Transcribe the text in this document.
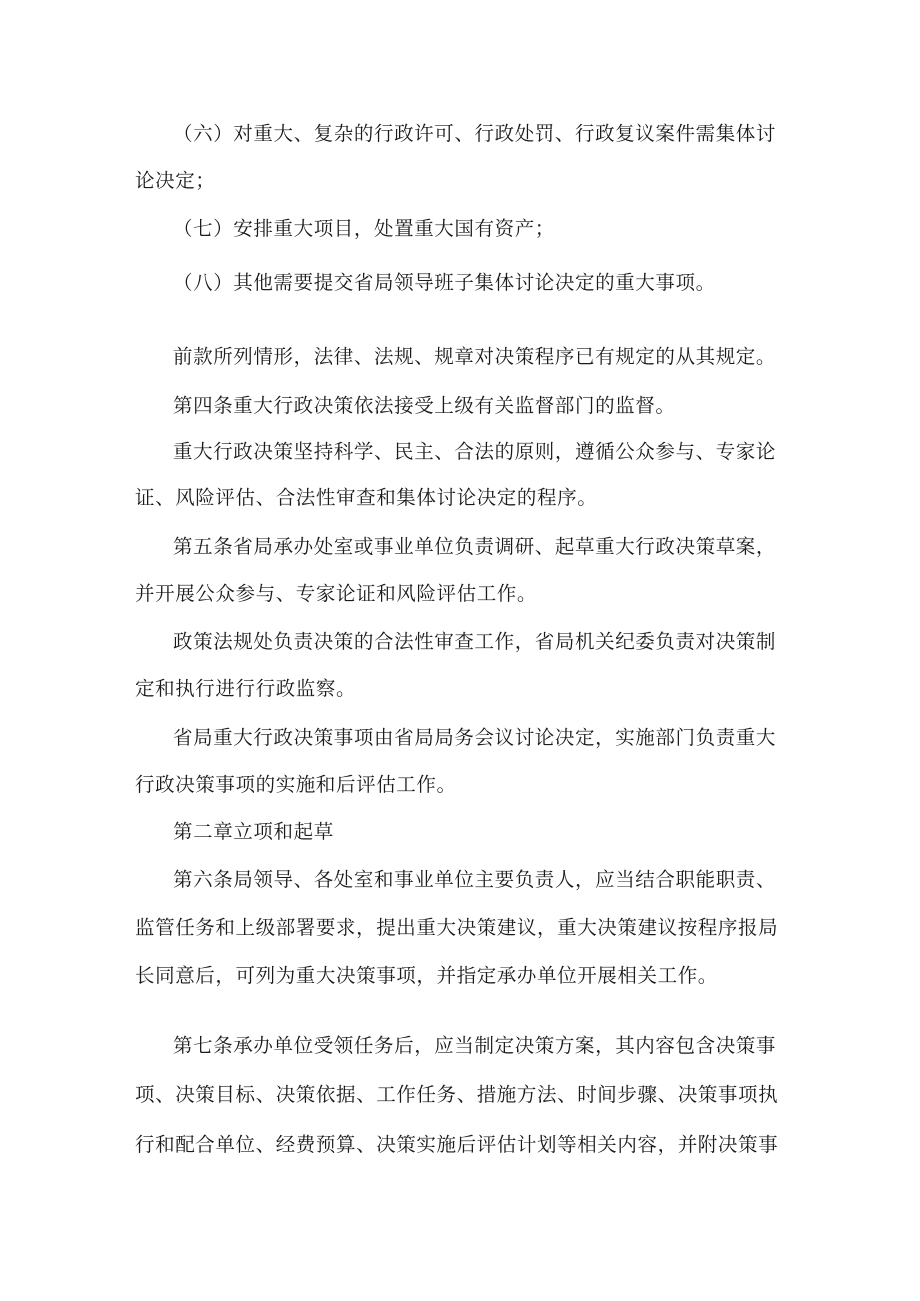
（六）对重大、复杂的行政许可、行政处罚、行政复议案件需集体讨
论决定；
（七）安排重大项目，处置重大国有资产；
（八）其他需要提交省局领导班子集体讨论决定的重大事项。
前款所列情形，法律、法规、规章对决策程序已有规定的从其规定。
第四条重大行政决策依法接受上级有关监督部门的监督。
重大行政决策坚持科学、民主、合法的原则，遵循公众参与、专家论
证、风险评估、合法性审查和集体讨论决定的程序。
第五条省局承办处室或事业单位负责调研、起草重大行政决策草案，
并开展公众参与、专家论证和风险评估工作。
政策法规处负责决策的合法性审查工作，省局机关纪委负责对决策制
定和执行进行行政监察。
省局重大行政决策事项由省局局务会议讨论决定，实施部门负责重大
行政决策事项的实施和后评估工作。
第二章立项和起草
第六条局领导、各处室和事业单位主要负责人，应当结合职能职责、
监管任务和上级部署要求，提出重大决策建议，重大决策建议按程序报局
长同意后，可列为重大决策事项，并指定承办单位开展相关工作。
第七条承办单位受领任务后，应当制定决策方案，其内容包含决策事
项、决策目标、决策依据、工作任务、措施方法、时间步骤、决策事项执
行和配合单位、经费预算、决策实施后评估计划等相关内容，并附决策事
